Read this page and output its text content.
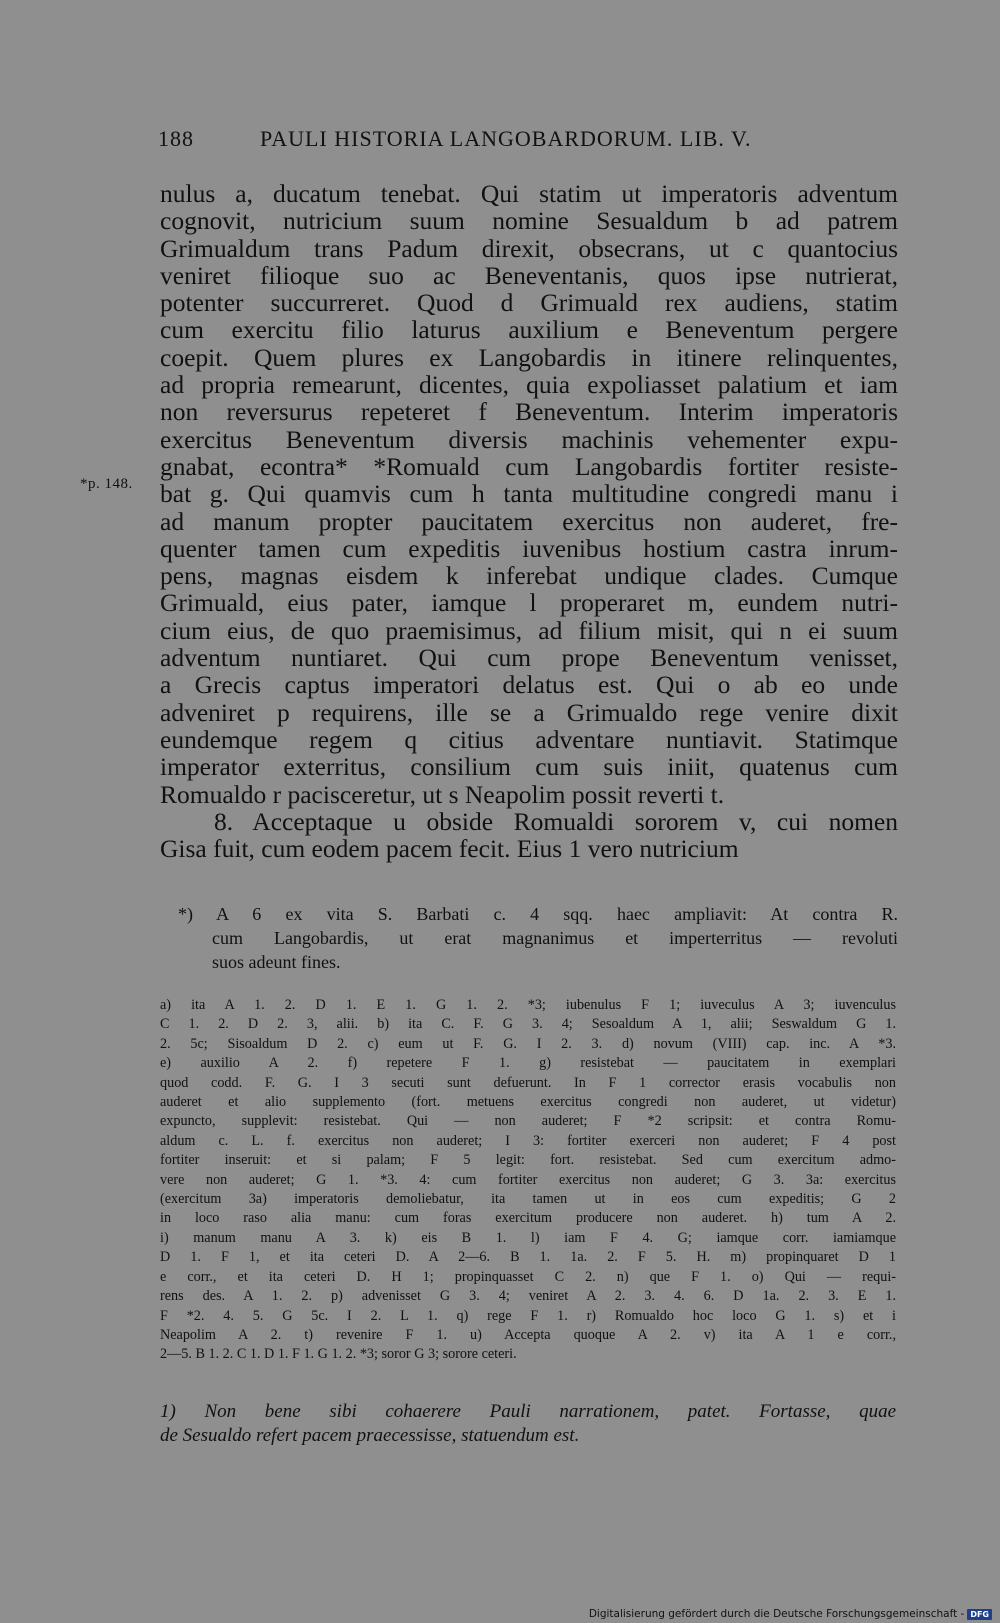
188	PAULI HISTORIA LANGOBARDORUM. LIB. V.
*p. 148.
nulus a, ducatum tenebat. Qui statim ut imperatoris adventum
cognovit, nutricium suum nomine Sesualdum b ad patrem
Grimualdum trans Padum direxit, obsecrans, ut c quantocius
veniret filioque suo ac Beneventanis, quos ipse nutrierat,
potenter succurreret. Quod d Grimuald rex audiens, statim
cum exercitu filio laturus auxilium e Beneventum pergere
coepit. Quem plures ex Langobardis in itinere relinquentes,
ad propria remearunt, dicentes, quia expoliasset palatium et iam
non reversurus repeteret f Beneventum. Interim imperatoris
exercitus Beneventum diversis machinis vehementer expu-
gnabat, econtra* *Romuald cum Langobardis fortiter resiste-
bat g. Qui quamvis cum h tanta multitudine congredi manu i
ad manum propter paucitatem exercitus non auderet, fre-
quenter tamen cum expeditis iuvenibus hostium castra inrum-
pens, magnas eisdem k inferebat undique clades. Cumque
Grimuald, eius pater, iamque l properaret m, eundem nutri-
cium eius, de quo praemisimus, ad filium misit, qui n ei suum
adventum nuntiaret. Qui cum prope Beneventum venisset,
a Grecis captus imperatori delatus est. Qui o ab eo unde
adveniret p requirens, ille se a Grimualdo rege venire dixit
eundemque regem q citius adventare nuntiavit. Statimque
imperator exterritus, consilium cum suis iniit, quatenus cum
Romualdo r pacisceretur, ut s Neapolim possit reverti t.
8. Acceptaque u obside Romualdi sororem v, cui nomen
Gisa fuit, cum eodem pacem fecit. Eius 1 vero nutricium
*) A 6 ex vita S. Barbati c. 4 sqq. haec ampliavit: At contra R.
cum Langobardis, ut erat magnanimus et imperterritus — revoluti
suos adeunt fines.
a) ita A 1. 2. D 1. E 1. G 1. 2. *3; iubenulus F 1; iuveculus A 3; iuvenculus
C 1. 2. D 2. 3, alii. b) ita C. F. G 3. 4; Sesoaldum A 1, alii; Seswaldum G 1.
2. 5c; Sisoaldum D 2. c) eum ut F. G. I 2. 3. d) novum (VIII) cap. inc. A *3.
e) auxilio A 2. f) repetere F 1. g) resistebat — paucitatem in exemplari
quod codd. F. G. I 3 secuti sunt defuerunt. In F 1 corrector erasis vocabulis non
auderet et alio supplemento (fort. metuens exercitus congredi non auderet, ut videtur)
expuncto, supplevit: resistebat. Qui — non auderet; F *2 scripsit: et contra Romu-
aldum c. L. f. exercitus non auderet; I 3: fortiter exerceri non auderet; F 4 post
fortiter inseruit: et si palam; F 5 legit: fort. resistebat. Sed cum exercitum admo-
vere non auderet; G 1. *3. 4: cum fortiter exercitus non auderet; G 3. 3a: exercitus
(exercitum 3a) imperatoris demoliebatur, ita tamen ut in eos cum expeditis; G 2
in loco raso alia manu: cum foras exercitum producere non auderet. h) tum A 2.
i) manum manu A 3. k) eis B 1. l) iam F 4. G; iamque corr. iamiamque
D 1. F 1, et ita ceteri D. A 2—6. B 1. 1a. 2. F 5. H. m) propinquaret D 1
e corr., et ita ceteri D. H 1; propinquasset C 2. n) que F 1. o) Qui — requi-
rens des. A 1. 2. p) advenisset G 3. 4; veniret A 2. 3. 4. 6. D 1a. 2. 3. E 1.
F *2. 4. 5. G 5c. I 2. L 1. q) rege F 1. r) Romualdo hoc loco G 1. s) et i
Neapolim A 2. t) revenire F 1. u) Accepta quoque A 2. v) ita A 1 e corr.,
2—5. B 1. 2. C 1. D 1. F 1. G 1. 2. *3; soror G 3; sorore ceteri.
1) Non bene sibi cohaerere Pauli narrationem, patet. Fortasse, quae
de Sesualdo refert pacem praecessisse, statuendum est.
Digitalisierung gefördert durch die Deutsche Forschungsgemeinschaft - DFG
